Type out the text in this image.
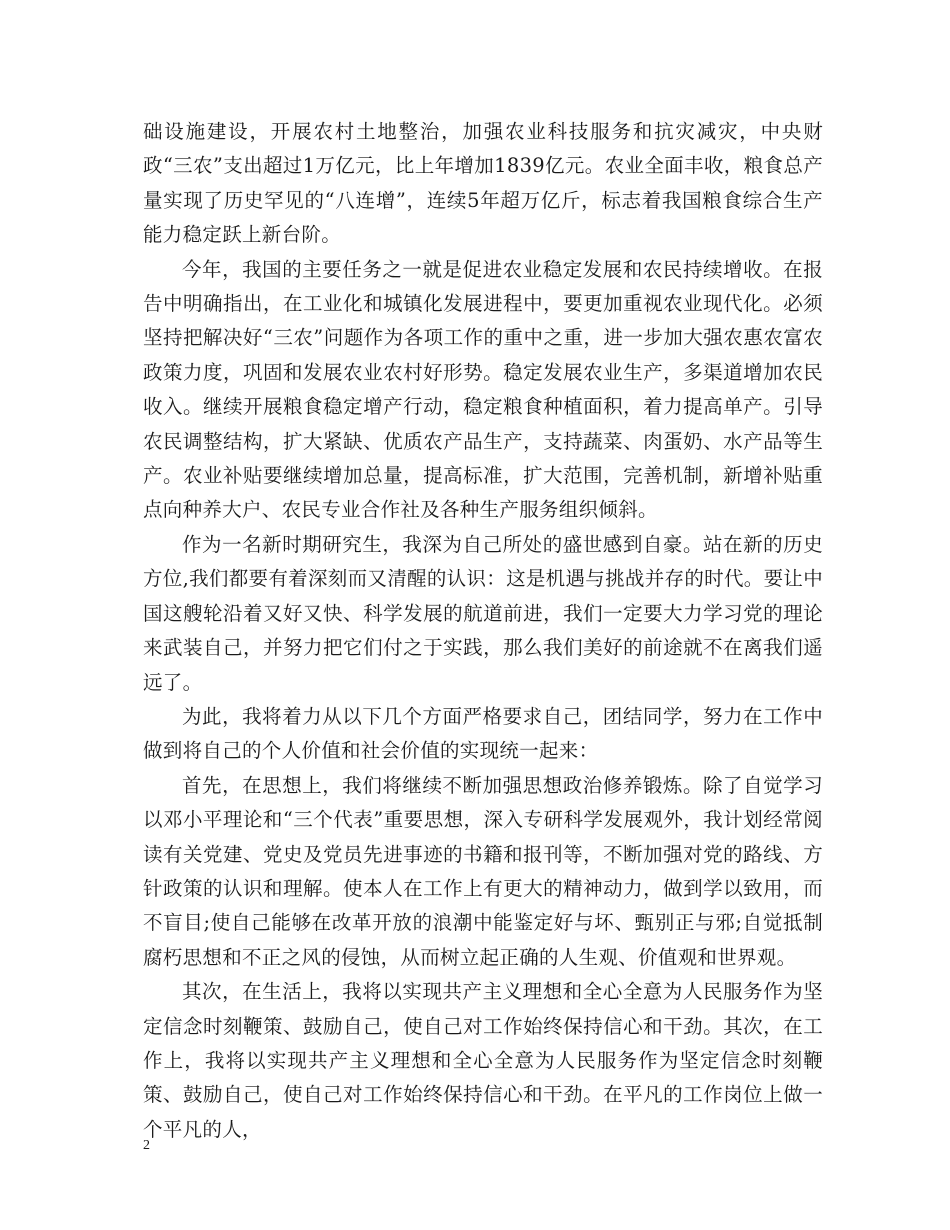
础设施建设，开展农村土地整治，加强农业科技服务和抗灾减灾，中央财政“三农”支出超过1万亿元，比上年增加1839亿元。农业全面丰收，粮食总产量实现了历史罕见的“八连增”，连续5年超万亿斤，标志着我国粮食综合生产能力稳定跃上新台阶。

今年，我国的主要任务之一就是促进农业稳定发展和农民持续增收。在报告中明确指出，在工业化和城镇化发展进程中，要更加重视农业现代化。必须坚持把解决好“三农”问题作为各项工作的重中之重，进一步加大强农惠农富农政策力度，巩固和发展农业农村好形势。稳定发展农业生产，多渠道增加农民收入。继续开展粮食稳定增产行动，稳定粮食种植面积，着力提高单产。引导农民调整结构，扩大紧缺、优质农产品生产，支持蔬菜、肉蛋奶、水产品等生产。农业补贴要继续增加总量，提高标准，扩大范围，完善机制，新增补贴重点向种养大户、农民专业合作社及各种生产服务组织倾斜。

作为一名新时期研究生，我深为自己所处的盛世感到自豪。站在新的历史方位,我们都要有着深刻而又清醒的认识：这是机遇与挑战并存的时代。要让中国这艘轮沿着又好又快、科学发展的航道前进，我们一定要大力学习党的理论来武装自己，并努力把它们付之于实践，那么我们美好的前途就不在离我们遥远了。

为此，我将着力从以下几个方面严格要求自己，团结同学，努力在工作中做到将自己的个人价值和社会价值的实现统一起来：

首先，在思想上，我们将继续不断加强思想政治修养锻炼。除了自觉学习以邓小平理论和“三个代表”重要思想，深入专研科学发展观外，我计划经常阅读有关党建、党史及党员先进事迹的书籍和报刊等，不断加强对党的路线、方针政策的认识和理解。使本人在工作上有更大的精神动力，做到学以致用，而不盲目;使自己能够在改革开放的浪潮中能鉴定好与坏、甄别正与邪;自觉抵制腐朽思想和不正之风的侵蚀，从而树立起正确的人生观、价值观和世界观。

其次，在生活上，我将以实现共产主义理想和全心全意为人民服务作为坚定信念时刻鞭策、鼓励自己，使自己对工作始终保持信心和干劲。其次，在工作上，我将以实现共产主义理想和全心全意为人民服务作为坚定信念时刻鞭策、鼓励自己，使自己对工作始终保持信心和干劲。在平凡的工作岗位上做一个平凡的人，

2
